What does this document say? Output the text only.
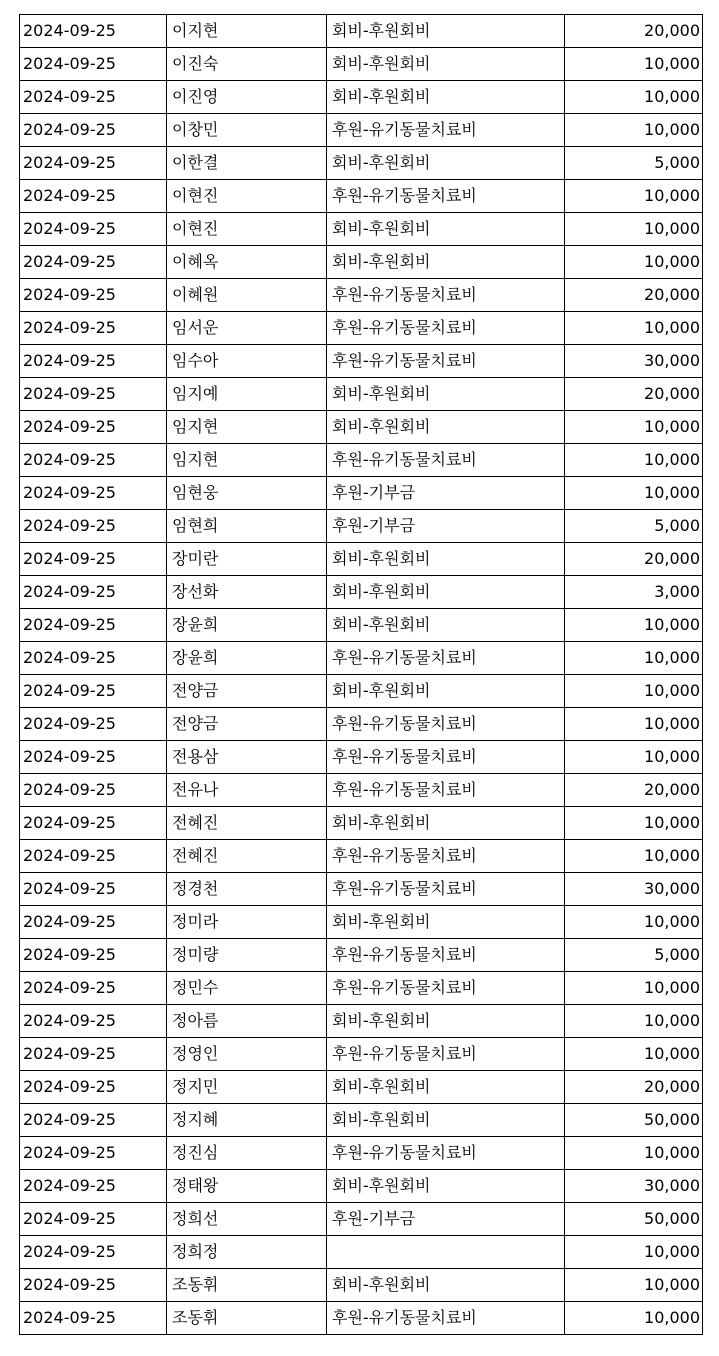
2024-09-25	이지현	회비-후원회비	20,000
2024-09-25	이진숙	회비-후원회비	10,000
2024-09-25	이진영	회비-후원회비	10,000
2024-09-25	이창민	후원-유기동물치료비	10,000
2024-09-25	이한결	회비-후원회비	5,000
2024-09-25	이현진	후원-유기동물치료비	10,000
2024-09-25	이현진	회비-후원회비	10,000
2024-09-25	이혜옥	회비-후원회비	10,000
2024-09-25	이혜원	후원-유기동물치료비	20,000
2024-09-25	임서운	후원-유기동물치료비	10,000
2024-09-25	임수아	후원-유기동물치료비	30,000
2024-09-25	임지예	회비-후원회비	20,000
2024-09-25	임지현	회비-후원회비	10,000
2024-09-25	임지현	후원-유기동물치료비	10,000
2024-09-25	임현웅	후원-기부금	10,000
2024-09-25	임현희	후원-기부금	5,000
2024-09-25	장미란	회비-후원회비	20,000
2024-09-25	장선화	회비-후원회비	3,000
2024-09-25	장윤희	회비-후원회비	10,000
2024-09-25	장윤희	후원-유기동물치료비	10,000
2024-09-25	전양금	회비-후원회비	10,000
2024-09-25	전양금	후원-유기동물치료비	10,000
2024-09-25	전용삼	후원-유기동물치료비	10,000
2024-09-25	전유나	후원-유기동물치료비	20,000
2024-09-25	전혜진	회비-후원회비	10,000
2024-09-25	전혜진	후원-유기동물치료비	10,000
2024-09-25	정경천	후원-유기동물치료비	30,000
2024-09-25	정미라	회비-후원회비	10,000
2024-09-25	정미량	후원-유기동물치료비	5,000
2024-09-25	정민수	후원-유기동물치료비	10,000
2024-09-25	정아름	회비-후원회비	10,000
2024-09-25	정영인	후원-유기동물치료비	10,000
2024-09-25	정지민	회비-후원회비	20,000
2024-09-25	정지혜	회비-후원회비	50,000
2024-09-25	정진심	후원-유기동물치료비	10,000
2024-09-25	정태왕	회비-후원회비	30,000
2024-09-25	정희선	후원-기부금	50,000
2024-09-25	정희정		10,000
2024-09-25	조동휘	회비-후원회비	10,000
2024-09-25	조동휘	후원-유기동물치료비	10,000
